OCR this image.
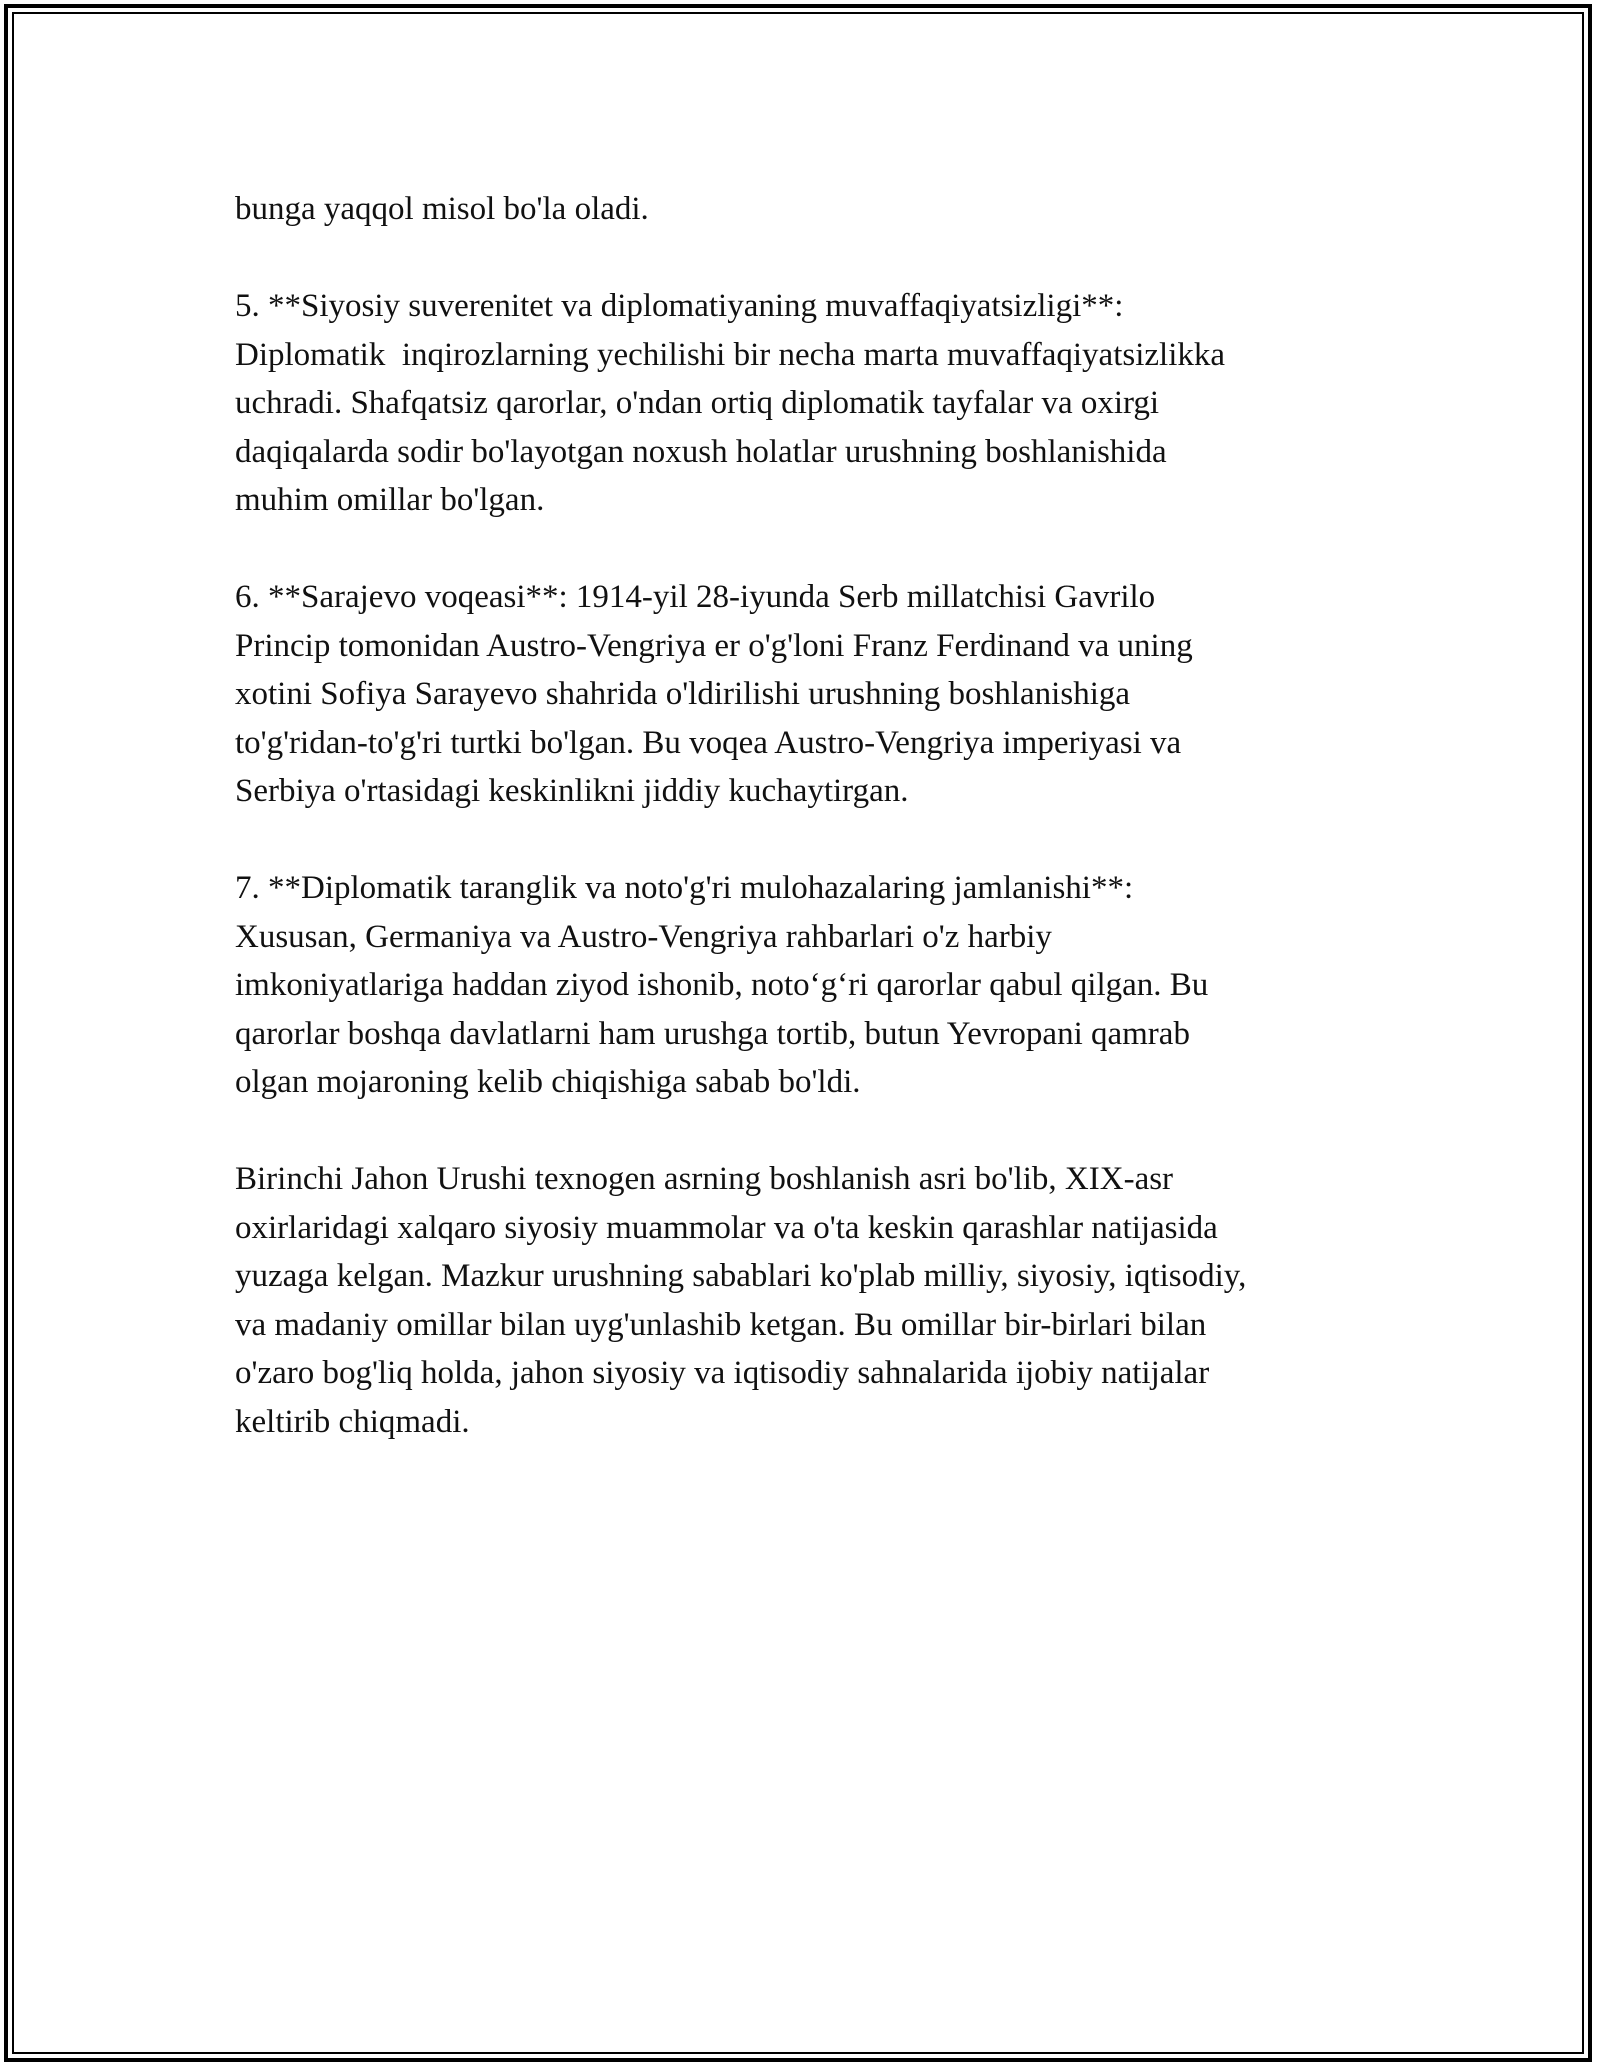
bunga yaqqol misol bo'la oladi.

5. **Siyosiy suverenitet va diplomatiyaning muvaffaqiyatsizligi**:
Diplomatik  inqirozlarning yechilishi bir necha marta muvaffaqiyatsizlikka
uchradi. Shafqatsiz qarorlar, o'ndan ortiq diplomatik tayfalar va oxirgi
daqiqalarda sodir bo'layotgan noxush holatlar urushning boshlanishida
muhim omillar bo'lgan.

6. **Sarajevo voqeasi**: 1914-yil 28-iyunda Serb millatchisi Gavrilo
Princip tomonidan Austro-Vengriya er o'g'loni Franz Ferdinand va uning
xotini Sofiya Sarayevo shahrida o'ldirilishi urushning boshlanishiga
to'g'ridan-to'g'ri turtki bo'lgan. Bu voqea Austro-Vengriya imperiyasi va
Serbiya o'rtasidagi keskinlikni jiddiy kuchaytirgan.

7. **Diplomatik taranglik va noto'g'ri mulohazalaring jamlanishi**:
Xususan, Germaniya va Austro-Vengriya rahbarlari o'z harbiy
imkoniyatlariga haddan ziyod ishonib, noto‘g‘ri qarorlar qabul qilgan. Bu
qarorlar boshqa davlatlarni ham urushga tortib, butun Yevropani qamrab
olgan mojaroning kelib chiqishiga sabab bo'ldi.

Birinchi Jahon Urushi texnogen asrning boshlanish asri bo'lib, XIX-asr
oxirlaridagi xalqaro siyosiy muammolar va o'ta keskin qarashlar natijasida
yuzaga kelgan. Mazkur urushning sabablari ko'plab milliy, siyosiy, iqtisodiy,
va madaniy omillar bilan uyg'unlashib ketgan. Bu omillar bir-birlari bilan
o'zaro bog'liq holda, jahon siyosiy va iqtisodiy sahnalarida ijobiy natijalar
keltirib chiqmadi.
